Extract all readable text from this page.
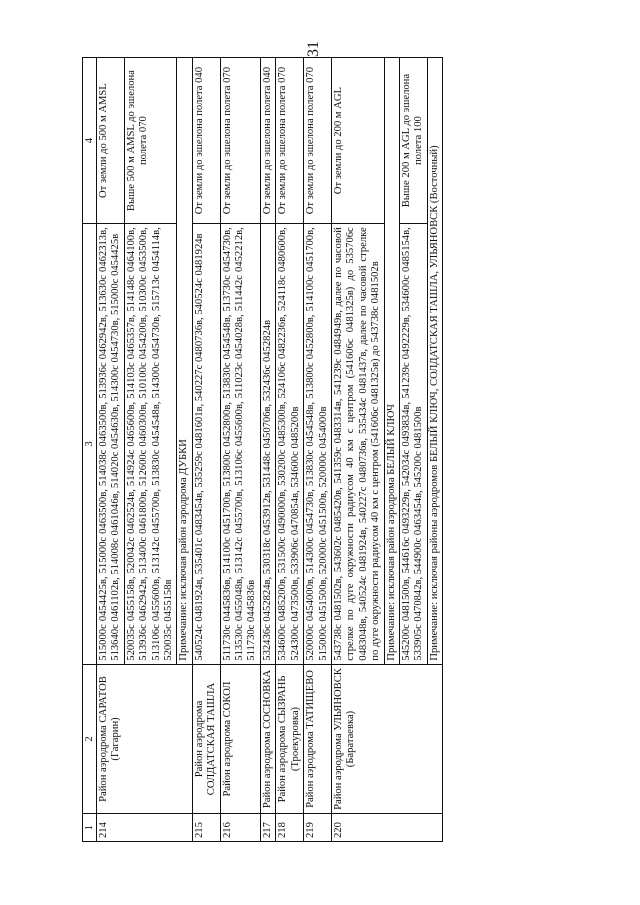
31
1	2	3	4
214	Район аэродрома САРАТОВ (Гагарин)	515000с 0454425в, 515000с 0463500в, 514038с 0463500в, 513936с 0462942в, 513630с 0462313в, 513640с 0461102в, 514008с 0461046в, 514020с 0454630в, 514300с 0454730в, 515000с 0454425в	От земли до 500 м AMSL
		520035с 0455158в, 520042с 0462524в, 514924с 0465600в, 514103с 0465357в, 514148с 0464100в, 513936с 0462942в, 513400с 0461800в, 512600с 0460300в, 510100с 0454200в, 510300с 0453500в, 513106с 0455600в, 513142с 0455700в, 513830с 0454548в, 514300с 0454730в, 515713с 0454114в, 520035с 0455158в	Выше 500 м AMSL до эшелона полета 070
		Примечание: исключая район аэродрома ДУБКИ	
215	Район аэродрома СОЛДАТСКАЯ ТАШЛА	540524с 0481924в, 535401с 0483454в, 535259с 0481601в, 540227с 0480736в, 540524с 0481924в	От земли до эшелона полета 040
216	Район аэродрома СОКОЛ	511730с 0445836в, 514100с 0451700в, 513800с 0452800в, 513830с 0454548в, 513730с 0454730в, 513530с 0455048в, 513142с 0455700в, 513106с 0455600в, 511023с 0454028в, 511442с 0452212в, 511730с 0445836в	От земли до эшелона полета 070
217	Район аэродрома СОСНОВКА	532436с 0452824в, 530318с 0453912в, 531448с 0450706в, 532436с 0452824в	От земли до эшелона полета 040
218	Район аэродрома СЫЗРАНЬ (Троекуровка)	534600с 0485200в, 531500с 0490000в, 530200с 0485300в, 524106с 0482236в, 524118с 0480600в, 524300с 0473500в, 533906с 0470854в, 534600с 0485200в	От земли до эшелона полета 070
219	Район аэродрома ТАТИЩЕВО	520000с 0454000в, 514300с 0454730в, 513830с 0454548в, 513800с 0452800в, 514100с 0451700в, 515000с 0451500в, 520000с 0451500в, 520000с 0454000в	От земли до эшелона полета 070
220	Район аэродрома УЛЬЯНОВСК (Баратаевка)	543738с 0481502в, 543602с 0485420в, 541359с 0483314в, 541239с 0484949в, далее по часовой стрелке по дуге окружности радиусом 40 км с центром (541606с 0481325в) до 535706с 0483048в, 540524с 0481924в, 540227с 0480736в, 535434с 0481437в, далее по часовой стрелке по дуге окружности радиусом 40 км с центром (541606с 0481325в) до 543738с 0481502в	От земли до 200 м AGL
		Примечание: исключая район аэродрома БЕЛЫЙ КЛЮЧ	
		545200с 0481500в, 544616с 0493229в, 542034с 0493834в, 541239с 0492229в, 534600с 0485154в, 533905с 0470842в, 544900с 0463454в, 545200с 0481500в	Выше 200 м AGL до эшелона полета 100
		Примечание: исключая районы аэродромов БЕЛЫЙ КЛЮЧ, СОЛДАТСКАЯ ТАШЛА, УЛЬЯНОВСК (Восточный)	
